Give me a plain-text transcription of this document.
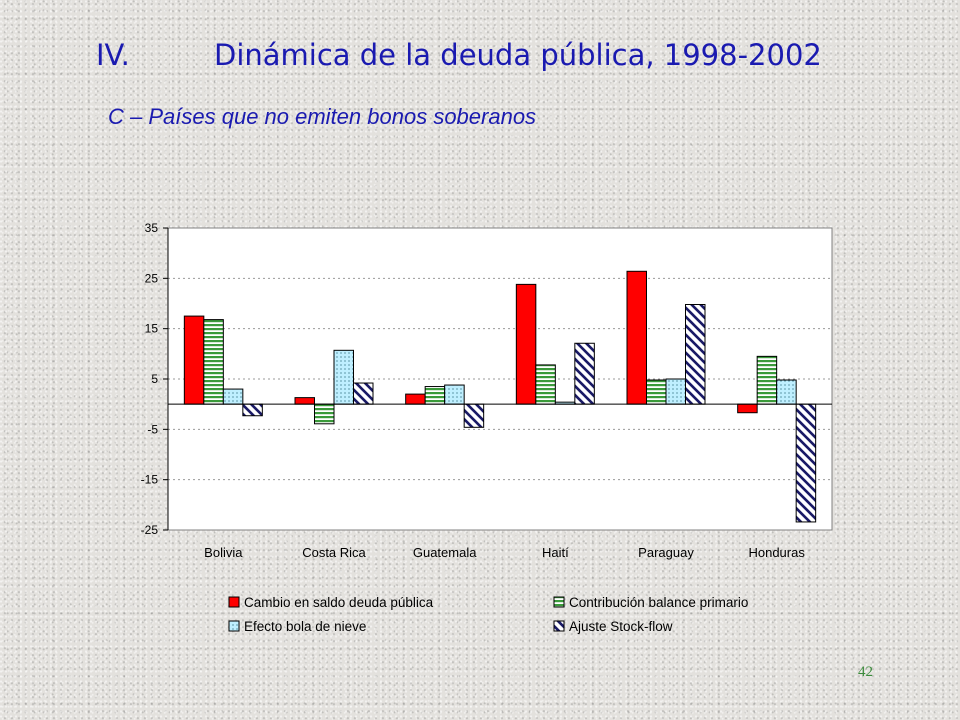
IV.	Dinámica de la deuda pública, 1998-2002

C – Países que no emiten bonos soberanos

35
25
15
5
-5
-15
-25
Bolivia	Costa Rica	Guatemala	Haití	Paraguay	Honduras
Cambio en saldo deuda pública	Contribución balance primario
Efecto bola de nieve	Ajuste Stock-flow
42
